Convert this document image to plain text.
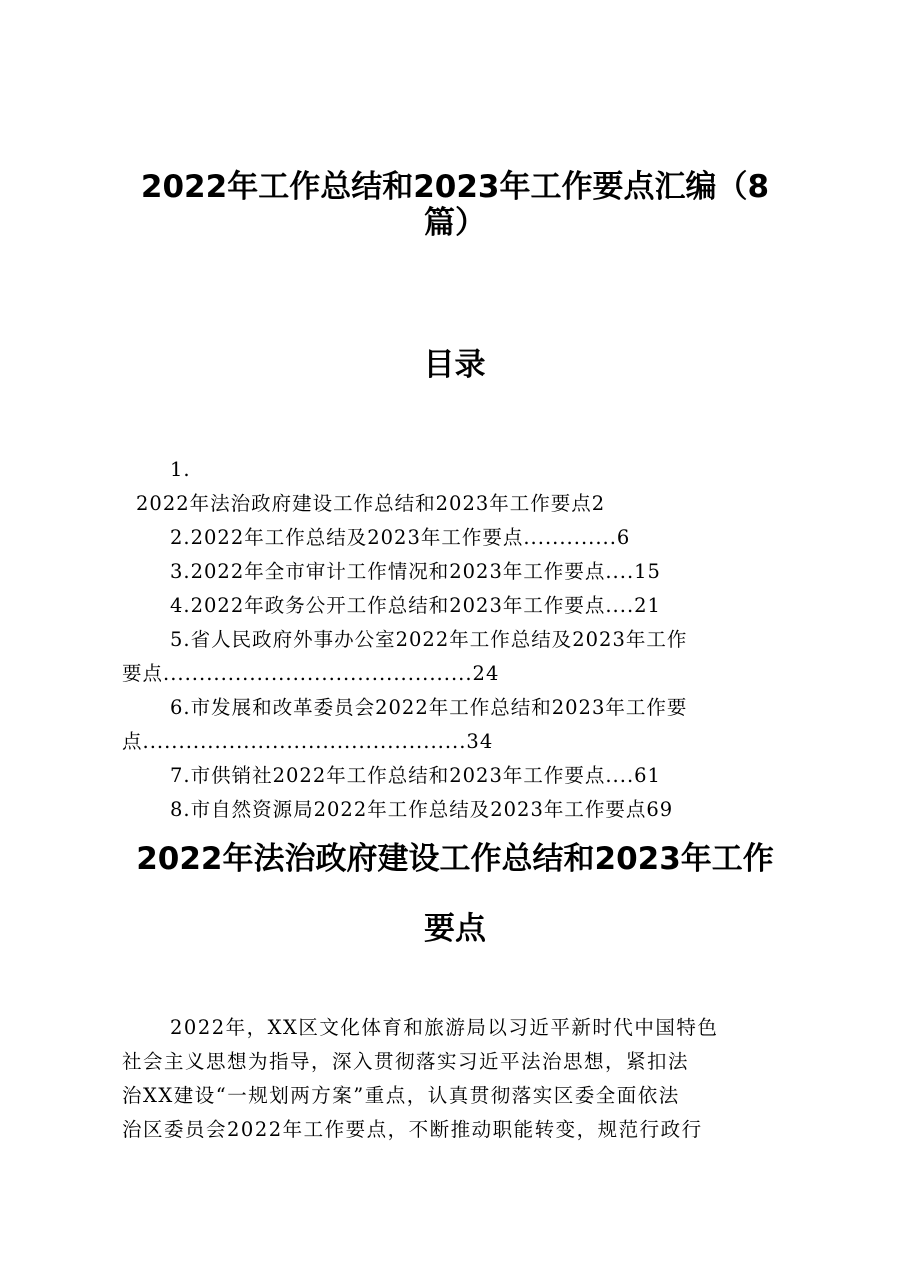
2022年工作总结和2023年工作要点汇编（8
篇）
目录
1.
2022年法治政府建设工作总结和2023年工作要点2
2.2022年工作总结及2023年工作要点.............6
3.2022年全市审计工作情况和2023年工作要点....15
4.2022年政务公开工作总结和2023年工作要点....21
5.省人民政府外事办公室2022年工作总结及2023年工作
要点...........................................24
6.市发展和改革委员会2022年工作总结和2023年工作要
点.............................................34
7.市供销社2022年工作总结和2023年工作要点....61
8.市自然资源局2022年工作总结及2023年工作要点69
2022年法治政府建设工作总结和2023年工作
要点
2022年，XX区文化体育和旅游局以习近平新时代中国特色
社会主义思想为指导，深入贯彻落实习近平法治思想，紧扣法
治XX建设“一规划两方案”重点，认真贯彻落实区委全面依法
治区委员会2022年工作要点，不断推动职能转变，规范行政行
